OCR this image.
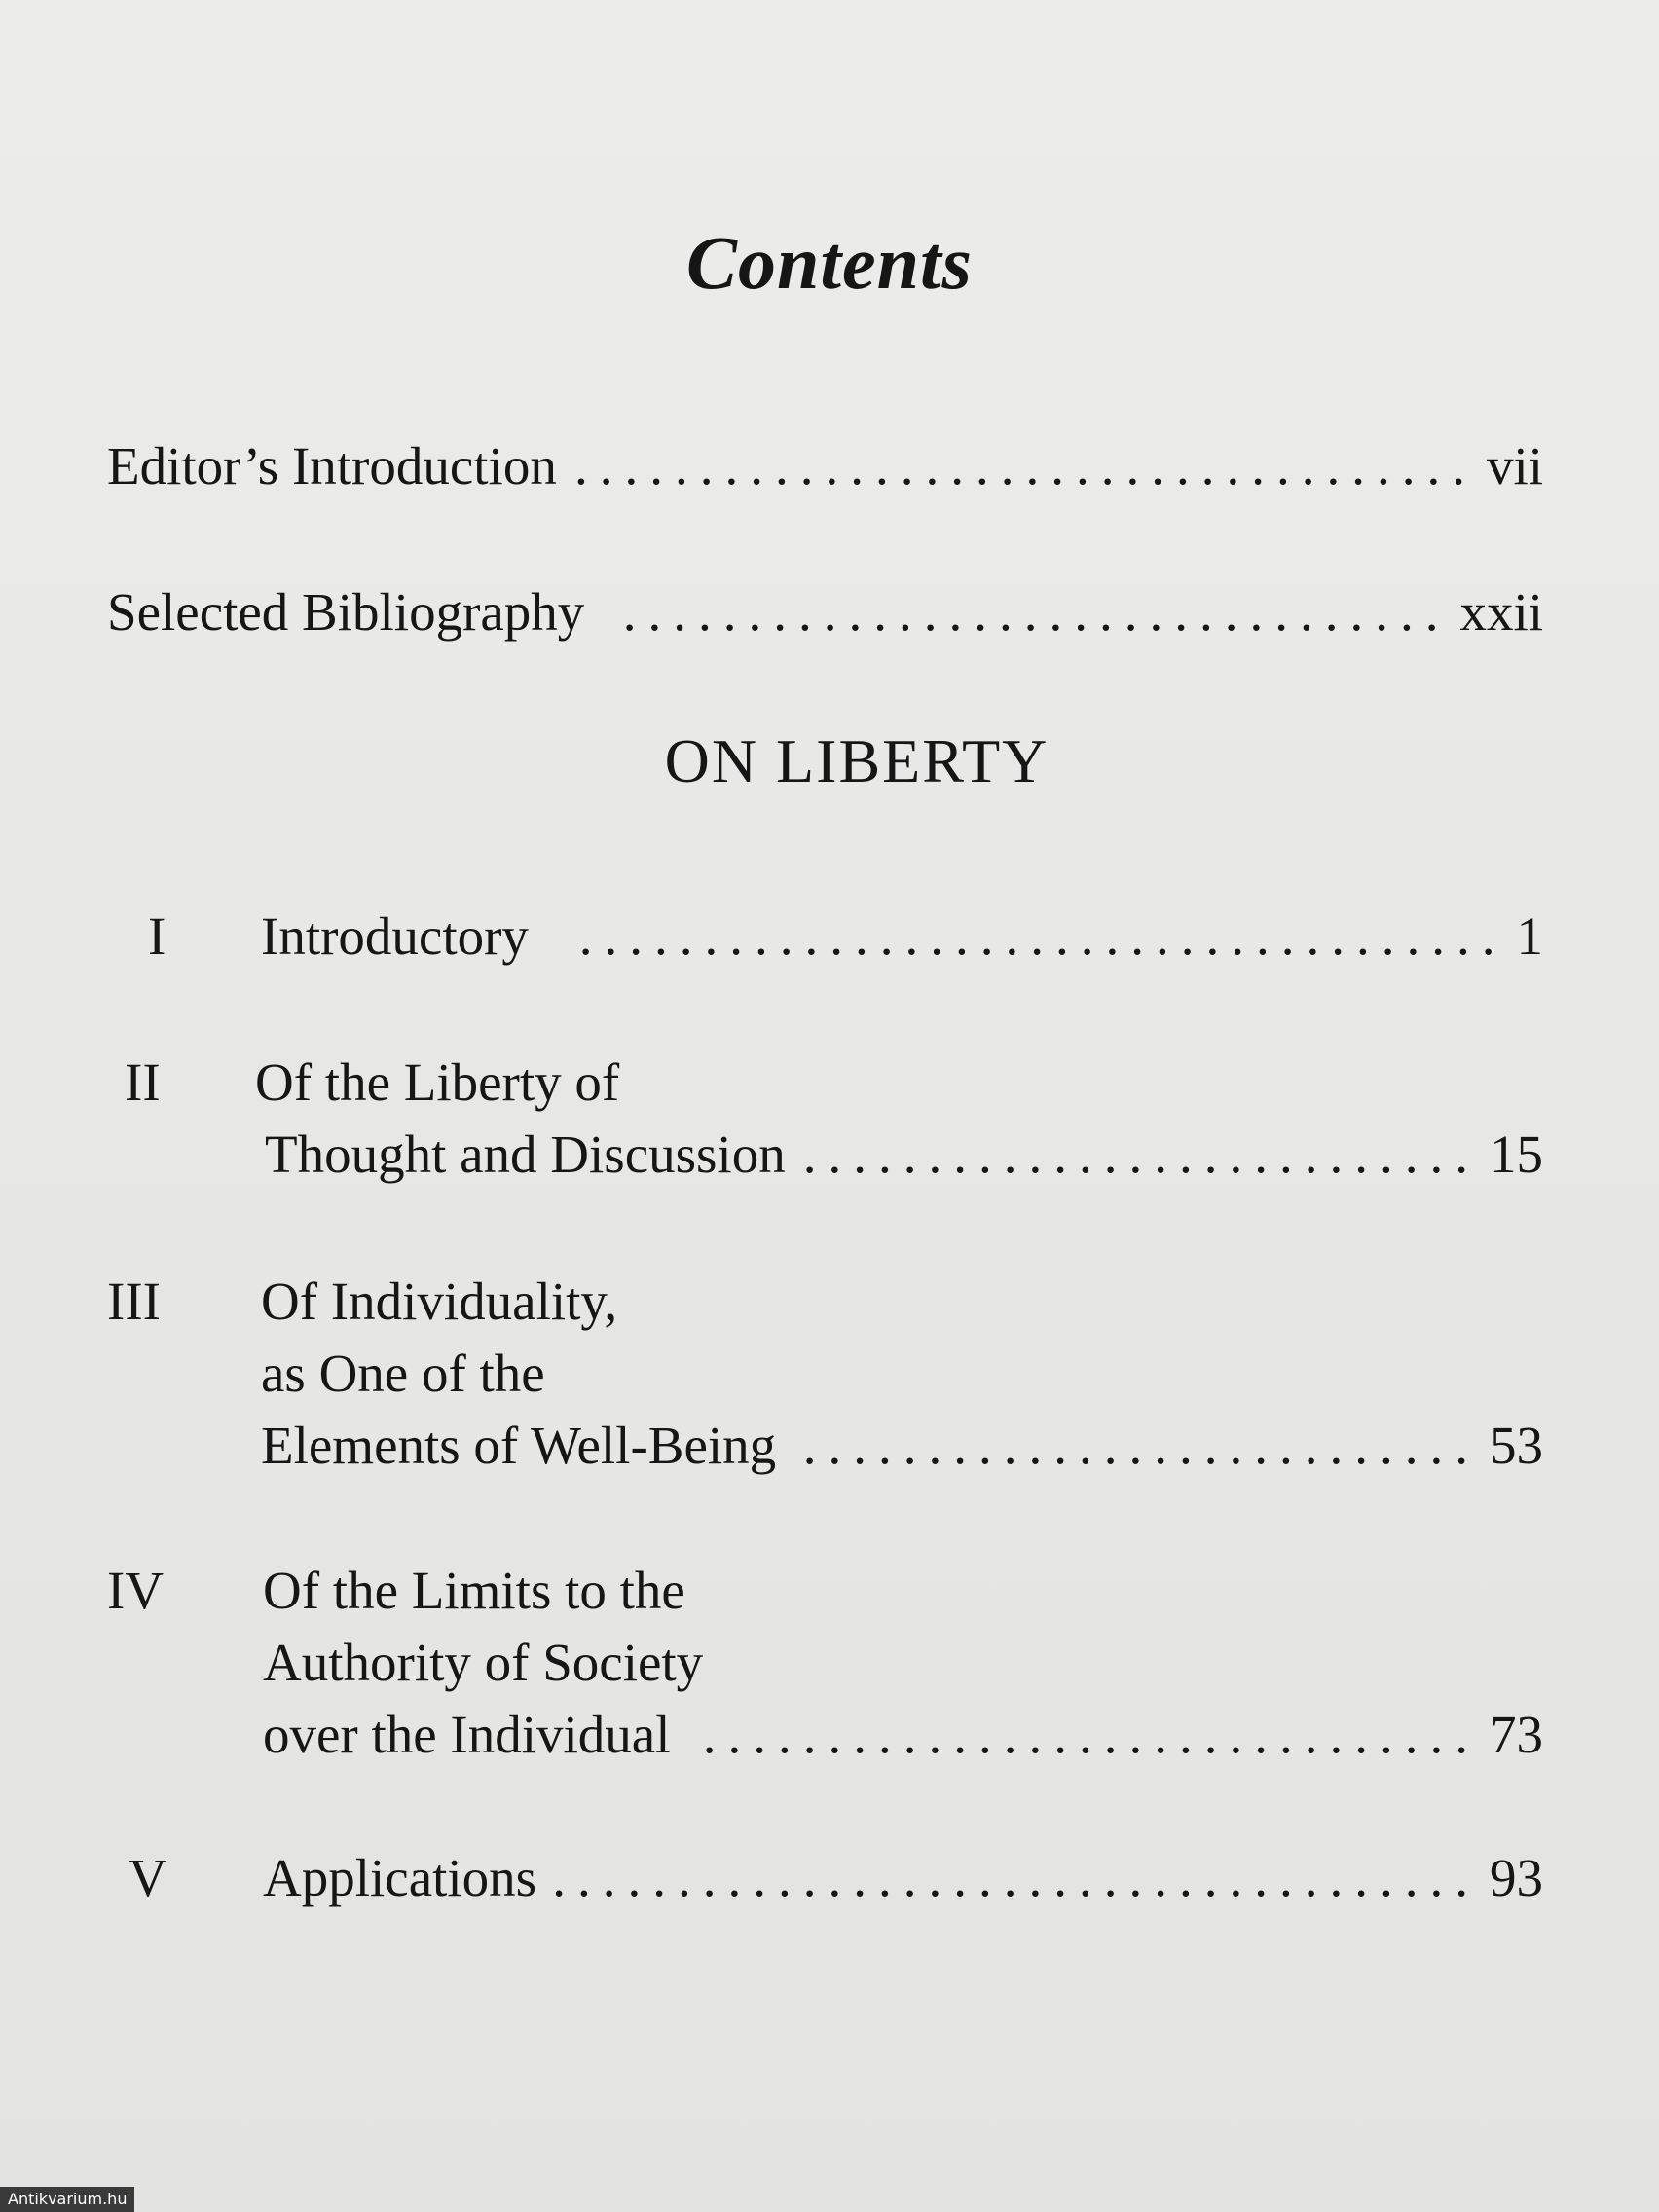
Contents
Editor’s Introduction .................................... vii
Selected Bibliography ................................. xxii
ON LIBERTY
I Introductory ..................................... 1
II Of the Liberty of
Thought and Discussion ........................... 15
III Of Individuality,
as One of the
Elements of Well-Being ........................... 53
IV Of the Limits to the
Authority of Society
over the Individual ............................... 73
V Applications ..................................... 93
Antikvarium.hu
